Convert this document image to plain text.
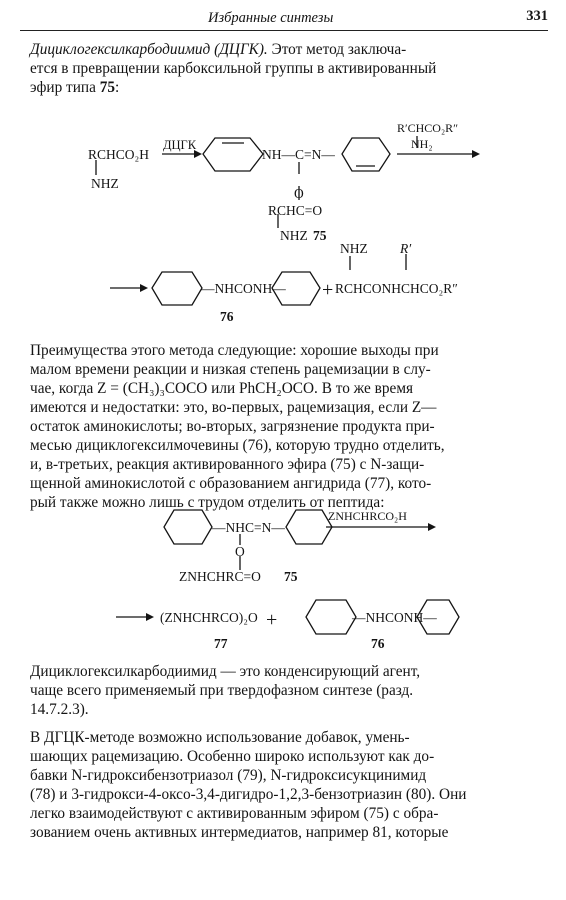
Избранные синтезы	331

Дициклогексилкарбодиимид (ДЦГК). Этот метод заключа-
ется в превращении карбоксильной группы в активированный
эфир типа 75:

RCHCO₂H
NHZ
ДЦГК
NH—C=N—
O
RCHC=O
NHZ 75
R′CHCO₂R″
NH₂
—NHCONH— + RCHCONHCHCO₂R″
NHZ R′
76

Преимущества этого метода следующие: хорошие выходы при
малом времени реакции и низкая степень рацемизации в слу-
чае, когда Z = (CH₃)₃COCO или PhCH₂OCO. В то же время
имеются и недостатки: это, во-первых, рацемизация, если Z—
остаток аминокислоты; во-вторых, загрязнение продукта при-
месью дициклогексилмочевины (76), которую трудно отделить,
и, в-третьих, реакция активированного эфира (75) с N-защи-
щенной аминокислотой с образованием ангидрида (77), кото-
рый также можно лишь с трудом отделить от пептида:

—NHC=N—
ZNHCHRCO₂H
O
ZNHCHRC=O 75
(ZNHCHRCO)₂O +	—NHCONH—
77	76

Дициклогексилкарбодиимид — это конденсирующий агент,
чаще всего применяемый при твердофазном синтезе (разд.
14.7.2.3).

В ДГЦК-методе возможно использование добавок, умень-
шающих рацемизацию. Особенно широко используют как до-
бавки N-гидроксибензотриазол (79), N-гидроксисукцинимид
(78) и 3-гидрокси-4-оксо-3,4-дигидро-1,2,3-бензотриазин (80). Они
легко взаимодействуют с активированным эфиром (75) с обра-
зованием очень активных интермедиатов, например 81, которые
